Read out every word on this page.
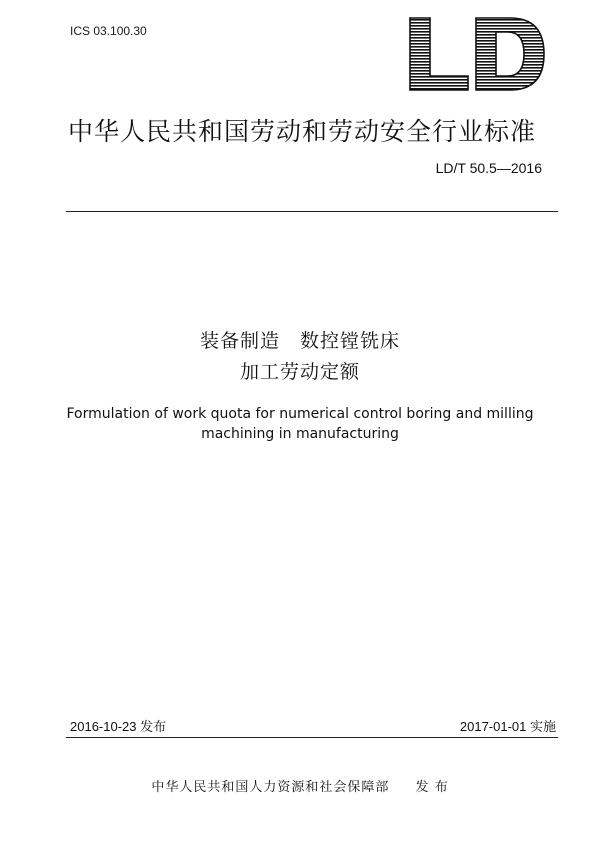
ICS 03.100.30
中华人民共和国劳动和劳动安全行业标准
LD/T 50.5—2016
装备制造 数控镗铣床
加工劳动定额
Formulation of work quota for numerical control boring and milling machining in manufacturing
2016-10-23 发布	2017-01-01 实施
中华人民共和国人力资源和社会保障部 发 布
